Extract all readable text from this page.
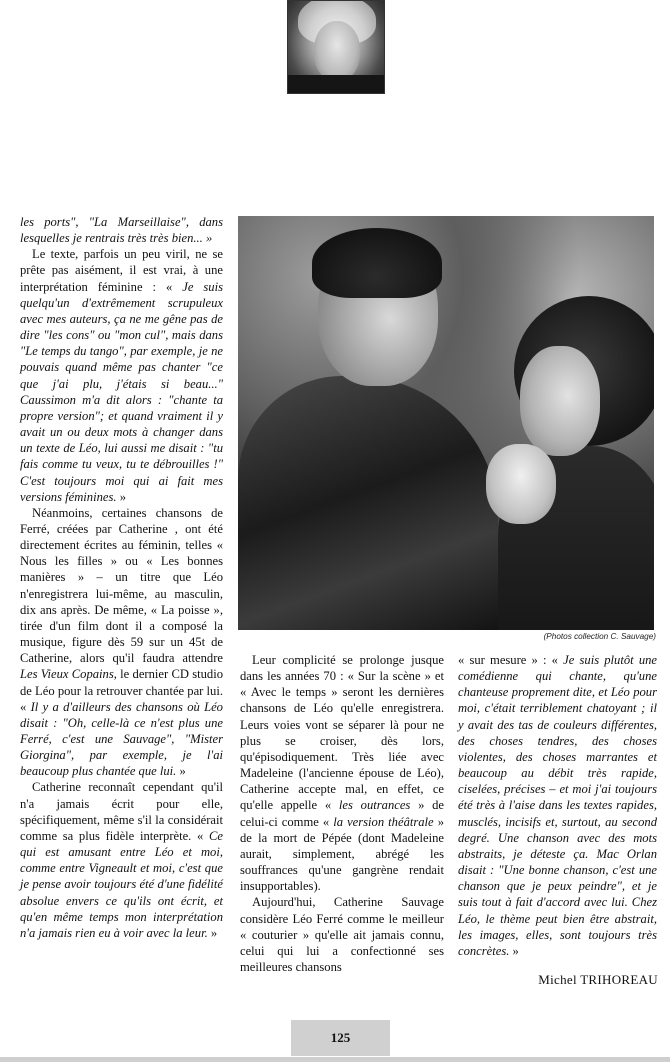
les ports", "La Marseillaise", dans lesquelles je rentrais très très bien... »

Le texte, parfois un peu viril, ne se prête pas aisément, il est vrai, à une interprétation féminine : « Je suis quelqu'un d'extrêmement scrupuleux avec mes auteurs, ça ne me gêne pas de dire "les cons" ou "mon cul", mais dans "Le temps du tango", par exemple, je ne pouvais quand même pas chanter "ce que j'ai plu, j'étais si beau..." Caussimon m'a dit alors : "chante ta propre version"; et quand vraiment il y avait un ou deux mots à changer dans un texte de Léo, lui aussi me disait : "tu fais comme tu veux, tu te débrouilles !" C'est toujours moi qui ai fait mes versions féminines. »

Néanmoins, certaines chansons de Ferré, créées par Catherine , ont été directement écrites au féminin, telles « Nous les filles » ou « Les bonnes manières » – un titre que Léo n'enregistrera lui-même, au masculin, dix ans après. De même, « La poisse », tirée d'un film dont il a composé la musique, figure dès 59 sur un 45t de Catherine, alors qu'il faudra attendre Les Vieux Copains, le dernier CD studio de Léo pour la retrouver chantée par lui. « Il y a d'ailleurs des chansons où Léo disait : "Oh, celle-là ce n'est plus une Ferré, c'est une Sauvage", "Mister Giorgina", par exemple, je l'ai beaucoup plus chantée que lui. »

Catherine reconnaît cependant qu'il n'a jamais écrit pour elle, spécifiquement, même s'il la considérait comme sa plus fidèle interprète. « Ce qui est amusant entre Léo et moi, comme entre Vigneault et moi, c'est que je pense avoir toujours été d'une fidélité absolue envers ce qu'ils ont écrit, et qu'en même temps mon interprétation n'a jamais rien eu à voir avec la leur. »

(Photos collection C. Sauvage)

Leur complicité se prolonge jusque dans les années 70 : « Sur la scène » et « Avec le temps » seront les dernières chansons de Léo qu'elle enregistrera. Leurs voies vont se séparer là pour ne plus se croiser, dès lors, qu'épisodiquement. Très liée avec Madeleine (l'ancienne épouse de Léo), Catherine accepte mal, en effet, ce qu'elle appelle « les outrances » de celui-ci comme « la version théâtrale » de la mort de Pépée (dont Madeleine aurait, simplement, abrégé les souffrances qu'une gangrène rendait insupportables).

Aujourd'hui, Catherine Sauvage considère Léo Ferré comme le meilleur « couturier » qu'elle ait jamais connu, celui qui lui a confectionné ses meilleures chansons

« sur mesure » : « Je suis plutôt une comédienne qui chante, qu'une chanteuse proprement dite, et Léo pour moi, c'était terriblement chatoyant ; il y avait des tas de couleurs différentes, des choses tendres, des choses violentes, des choses marrantes et beaucoup au débit très rapide, ciselées, précises – et moi j'ai toujours été très à l'aise dans les textes rapides, musclés, incisifs et, surtout, au second degré. Une chanson avec des mots abstraits, je déteste ça. Mac Orlan disait : "Une bonne chanson, c'est une chanson que je peux peindre", et je suis tout à fait d'accord avec lui. Chez Léo, le thème peut bien être abstrait, les images, elles, sont toujours très concrètes. »

Michel TRIHOREAU
125
